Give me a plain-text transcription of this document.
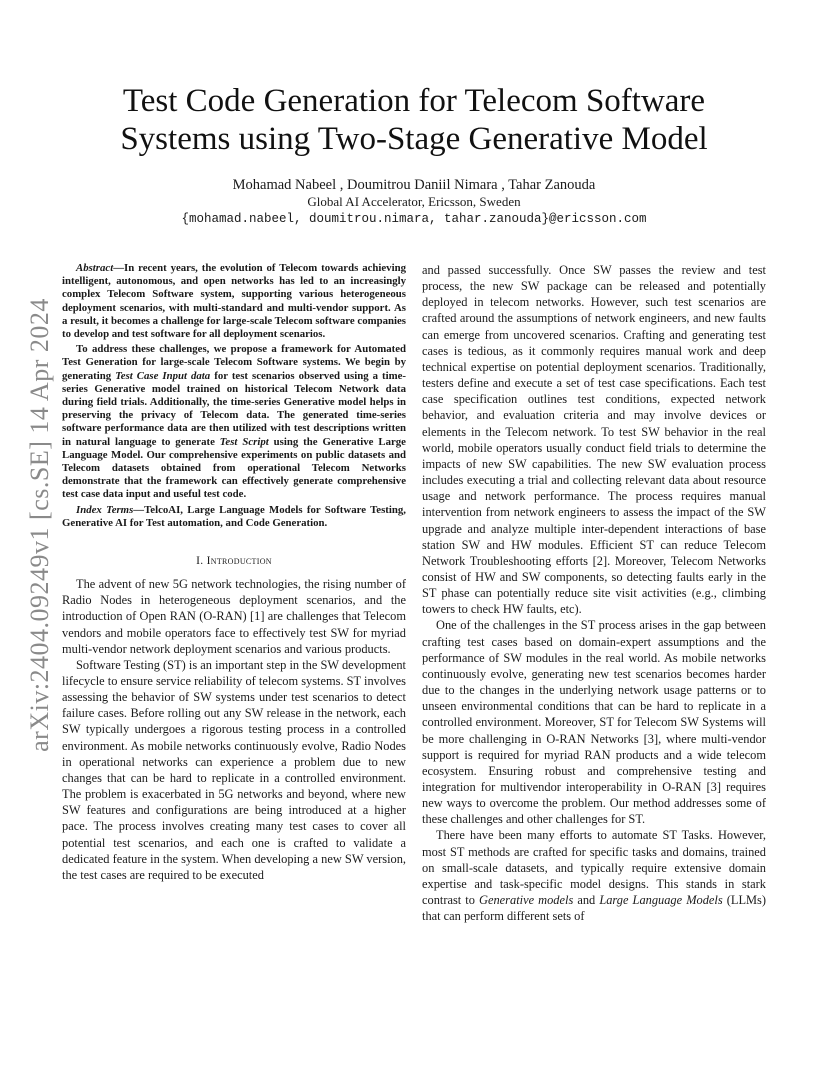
arXiv:2404.09249v1 [cs.SE] 14 Apr 2024
Test Code Generation for Telecom Software
Systems using Two-Stage Generative Model
Mohamad Nabeel , Doumitrou Daniil Nimara , Tahar Zanouda
Global AI Accelerator, Ericsson, Sweden
{mohamad.nabeel, doumitrou.nimara, tahar.zanouda}@ericsson.com

Abstract—In recent years, the evolution of Telecom towards achieving intelligent, autonomous, and open networks has led to an increasingly complex Telecom Software system, supporting various heterogeneous deployment scenarios, with multi-standard and multi-vendor support. As a result, it becomes a challenge for large-scale Telecom software companies to develop and test software for all deployment scenarios.

To address these challenges, we propose a framework for Automated Test Generation for large-scale Telecom Software systems. We begin by generating Test Case Input data for test scenarios observed using a time-series Generative model trained on historical Telecom Network data during field trials. Additionally, the time-series Generative model helps in preserving the privacy of Telecom data. The generated time-series software performance data are then utilized with test descriptions written in natural language to generate Test Script using the Generative Large Language Model. Our comprehensive experiments on public datasets and Telecom datasets obtained from operational Telecom Networks demonstrate that the framework can effectively generate comprehensive test case data input and useful test code.

Index Terms—TelcoAI, Large Language Models for Software Testing, Generative AI for Test automation, and Code Generation.

I. Introduction

The advent of new 5G network technologies, the rising number of Radio Nodes in heterogeneous deployment scenarios, and the introduction of Open RAN (O-RAN) [1] are challenges that Telecom vendors and mobile operators face to effectively test SW for myriad multi-vendor network deployment scenarios and various products.

Software Testing (ST) is an important step in the SW development lifecycle to ensure service reliability of telecom systems. ST involves assessing the behavior of SW systems under test scenarios to detect failure cases. Before rolling out any SW release in the network, each SW typically undergoes a rigorous testing process in a controlled environment. As mobile networks continuously evolve, Radio Nodes in operational networks can experience a problem due to new changes that can be hard to replicate in a controlled environment. The problem is exacerbated in 5G networks and beyond, where new SW features and configurations are being introduced at a higher pace. The process involves creating many test cases to cover all potential test scenarios, and each one is crafted to validate a dedicated feature in the system. When developing a new SW version, the test cases are required to be executed

and passed successfully. Once SW passes the review and test process, the new SW package can be released and potentially deployed in telecom networks. However, such test scenarios are crafted around the assumptions of network engineers, and new faults can emerge from uncovered scenarios. Crafting and generating test cases is tedious, as it commonly requires manual work and deep technical expertise on potential deployment scenarios. Traditionally, testers define and execute a set of test case specifications. Each test case specification outlines test conditions, expected network behavior, and evaluation criteria and may involve devices or elements in the Telecom network. To test SW behavior in the real world, mobile operators usually conduct field trials to determine the impacts of new SW capabilities. The new SW evaluation process includes executing a trial and collecting relevant data about resource usage and network performance. The process requires manual intervention from network engineers to assess the impact of the SW upgrade and analyze multiple inter-dependent interactions of base station SW and HW modules. Efficient ST can reduce Telecom Network Troubleshooting efforts [2]. Moreover, Telecom Networks consist of HW and SW components, so detecting faults early in the ST phase can potentially reduce site visit activities (e.g., climbing towers to check HW faults, etc).

One of the challenges in the ST process arises in the gap between crafting test cases based on domain-expert assumptions and the performance of SW modules in the real world. As mobile networks continuously evolve, generating new test scenarios becomes harder due to the changes in the underlying network usage patterns or to unseen environmental conditions that can be hard to replicate in a controlled environment. Moreover, ST for Telecom SW Systems will be more challenging in O-RAN Networks [3], where multi-vendor support is required for myriad RAN products and a wide telecom ecosystem. Ensuring robust and comprehensive testing and integration for multivendor interoperability in O-RAN [3] requires new ways to overcome the problem. Our method addresses some of these challenges and other challenges for ST.

There have been many efforts to automate ST Tasks. However, most ST methods are crafted for specific tasks and domains, trained on small-scale datasets, and typically require extensive domain expertise and task-specific model designs. This stands in stark contrast to Generative models and Large Language Models (LLMs) that can perform different sets of
